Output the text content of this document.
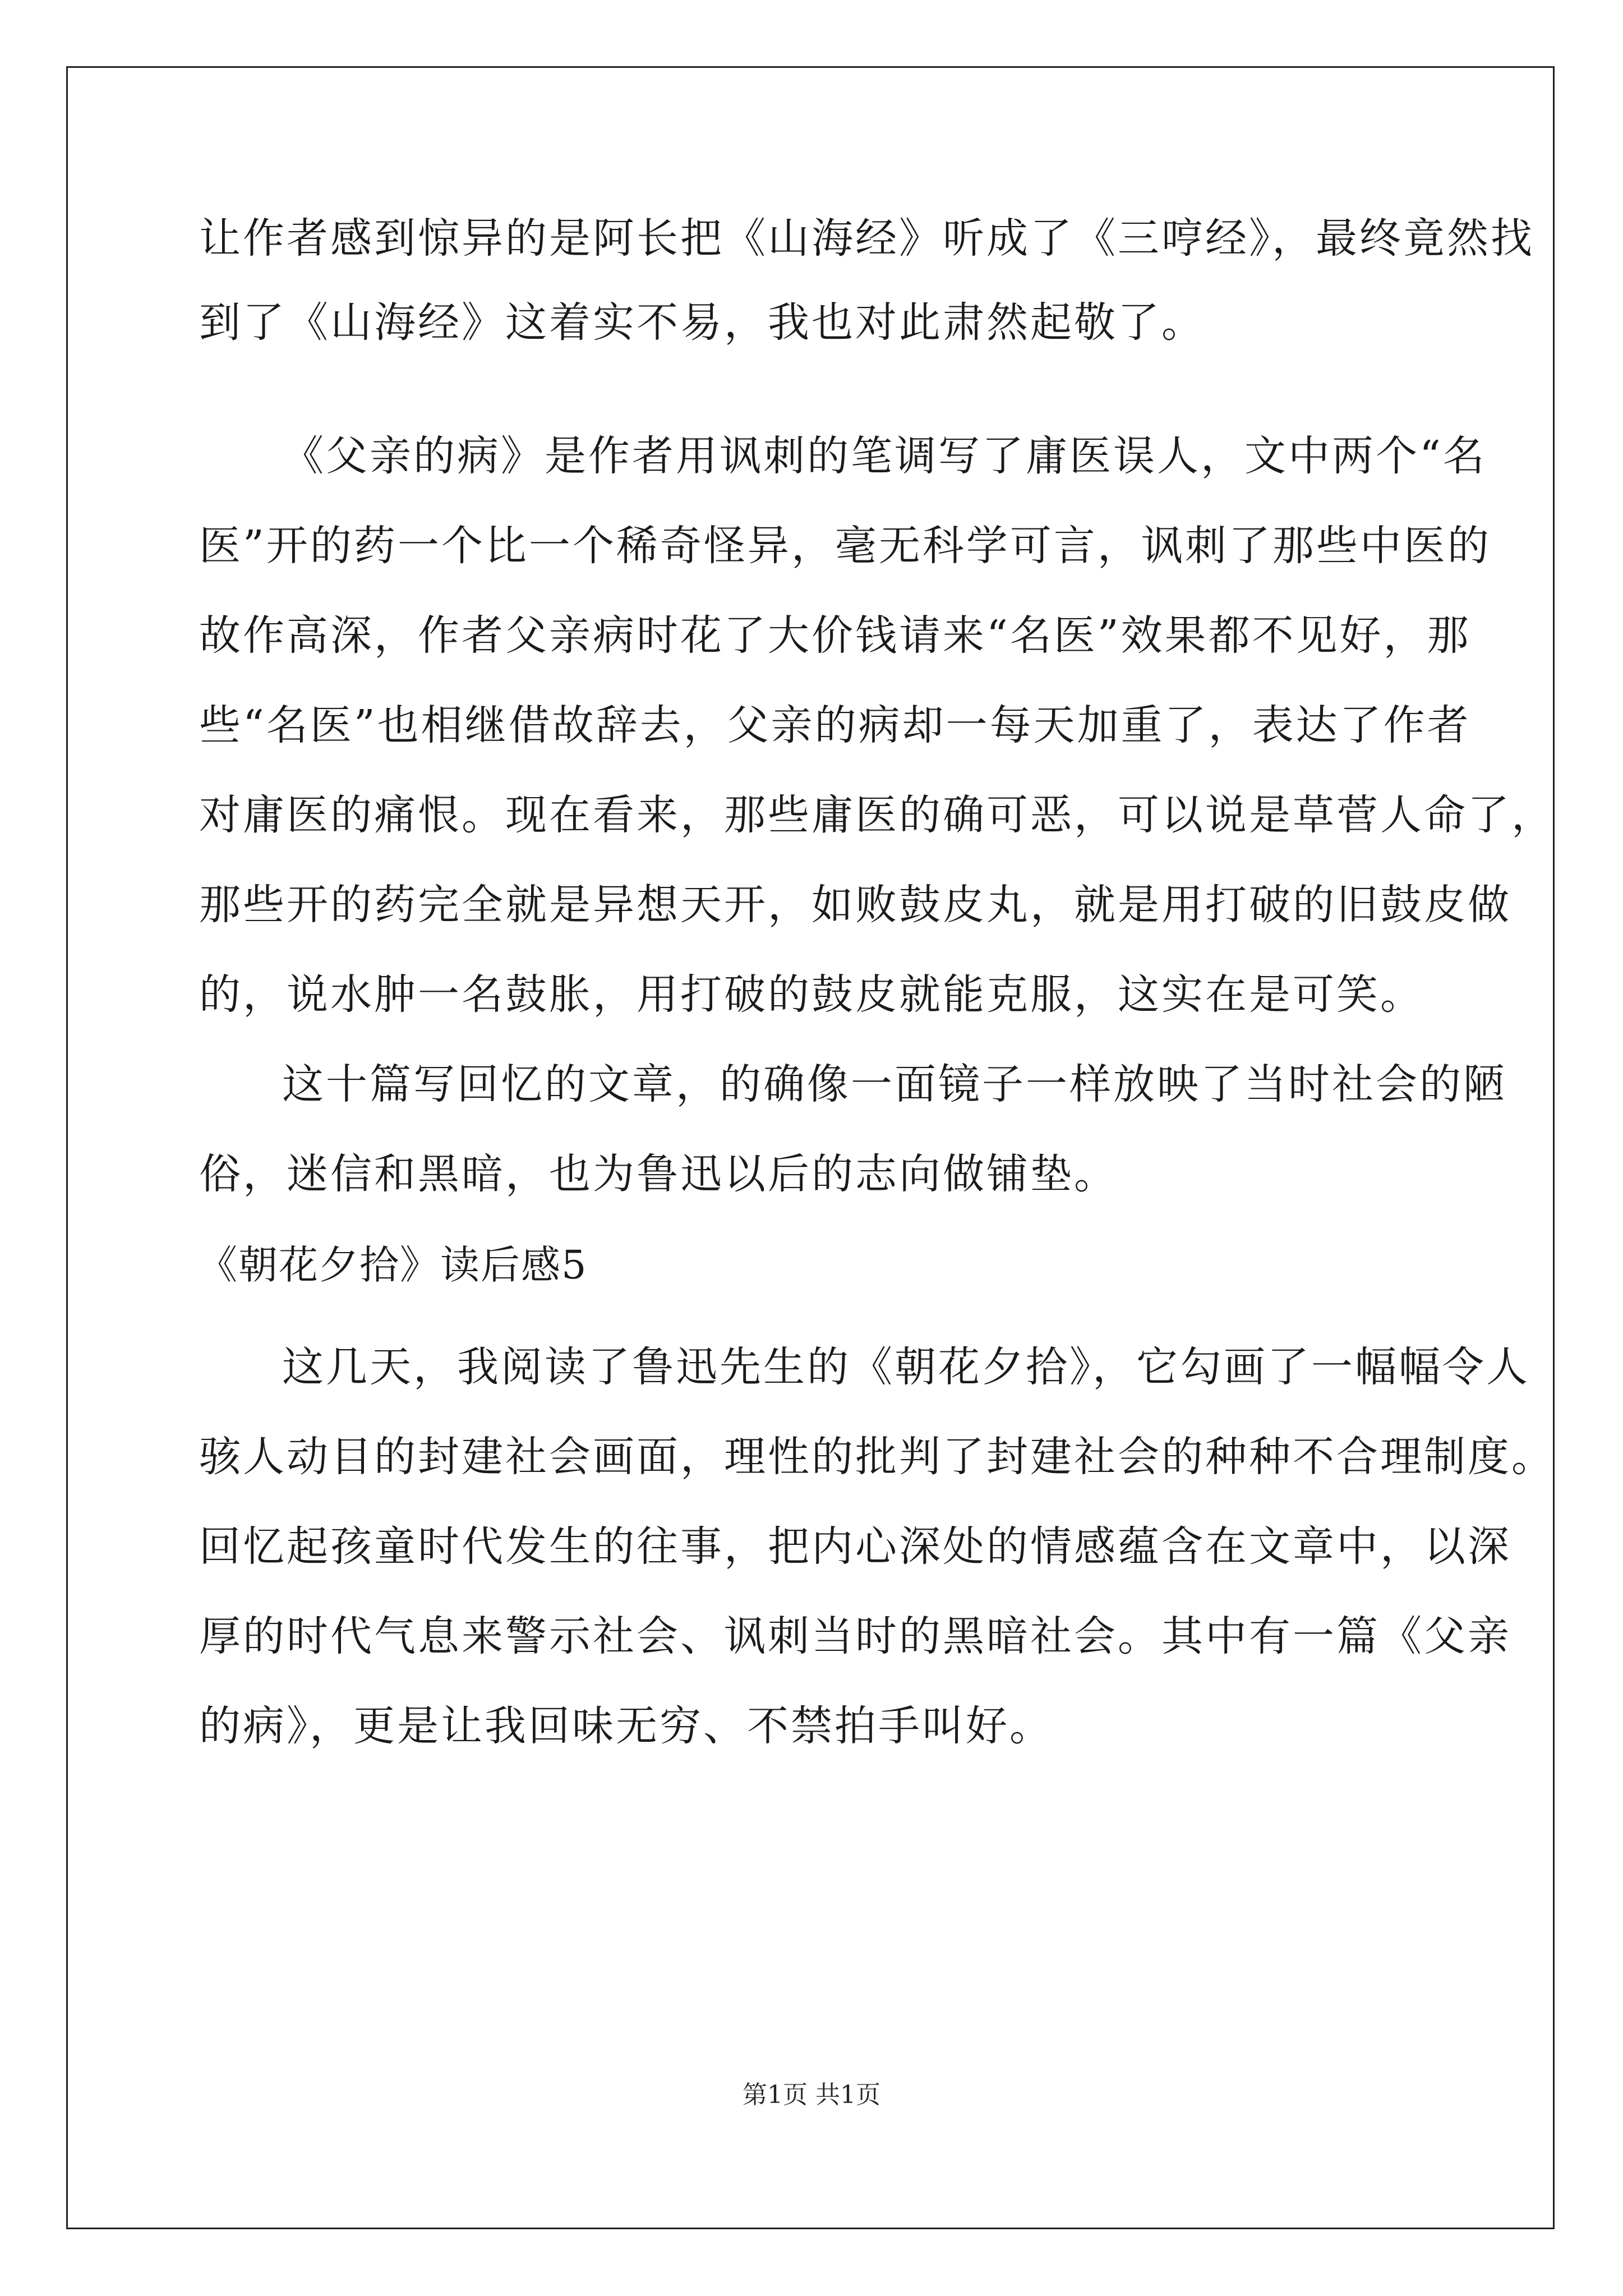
让作者感到惊异的是阿长把《山海经》听成了《三哼经》，最终竟然找
到了《山海经》这着实不易，我也对此肃然起敬了。
《父亲的病》是作者用讽刺的笔调写了庸医误人，文中两个“名
医”开的药一个比一个稀奇怪异，毫无科学可言，讽刺了那些中医的
故作高深，作者父亲病时花了大价钱请来“名医”效果都不见好，那
些“名医”也相继借故辞去，父亲的病却一每天加重了，表达了作者
对庸医的痛恨。现在看来，那些庸医的确可恶，可以说是草菅人命了，
那些开的药完全就是异想天开，如败鼓皮丸，就是用打破的旧鼓皮做
的，说水肿一名鼓胀，用打破的鼓皮就能克服，这实在是可笑。
这十篇写回忆的文章，的确像一面镜子一样放映了当时社会的陋
俗，迷信和黑暗，也为鲁迅以后的志向做铺垫。
《朝花夕拾》读后感5
这几天，我阅读了鲁迅先生的《朝花夕拾》，它勾画了一幅幅令人
骇人动目的封建社会画面，理性的批判了封建社会的种种不合理制度。
回忆起孩童时代发生的往事，把内心深处的情感蕴含在文章中，以深
厚的时代气息来警示社会、讽刺当时的黑暗社会。其中有一篇《父亲
的病》，更是让我回味无穷、不禁拍手叫好。
第1页 共1页
